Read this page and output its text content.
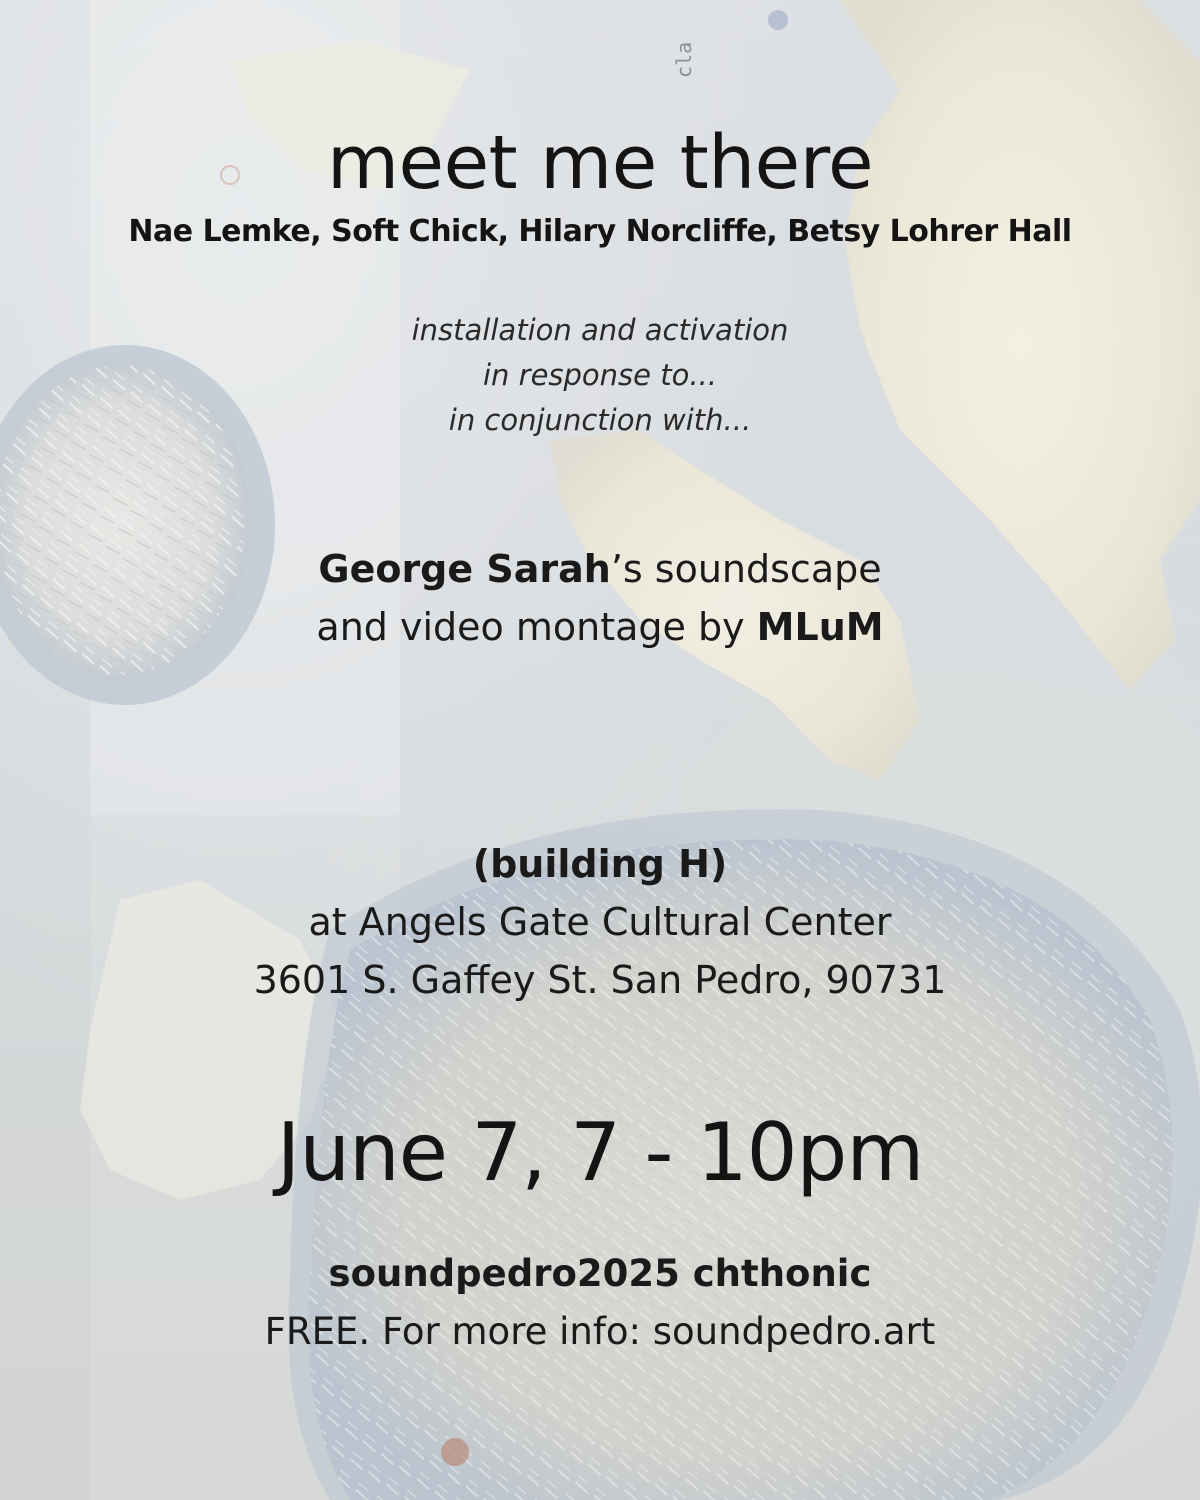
cla
meet me there
Nae Lemke, Soft Chick, Hilary Norcliffe, Betsy Lohrer Hall
installation and activation
in response to...
in conjunction with...
George Sarah’s soundscape
and video montage by MLuM
(building H)
at Angels Gate Cultural Center
3601 S. Gaffey St. San Pedro, 90731
June 7, 7 - 10pm
soundpedro2025 chthonic
FREE. For more info: soundpedro.art
